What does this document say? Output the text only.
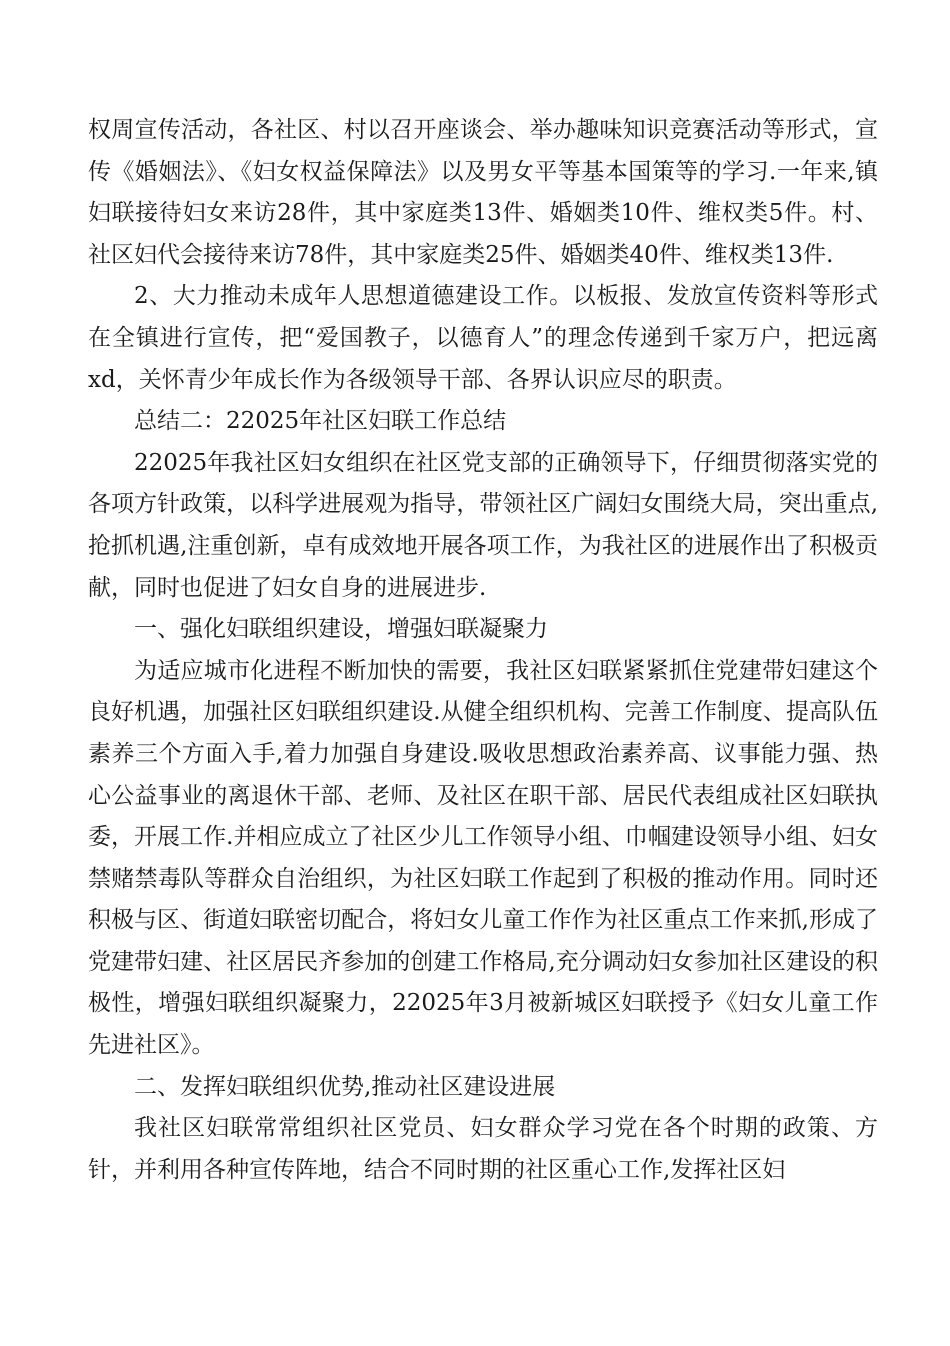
权周宣传活动，各社区、村以召开座谈会、举办趣味知识竞赛活动等形式，宣传《婚姻法》、《妇女权益保障法》以及男女平等基本国策等的学习.一年来,镇妇联接待妇女来访28件，其中家庭类13件、婚姻类10件、维权类5件。村、社区妇代会接待来访78件，其中家庭类25件、婚姻类40件、维权类13件.

2、大力推动未成年人思想道德建设工作。以板报、发放宣传资料等形式在全镇进行宣传，把“爱国教子，以德育人”的理念传递到千家万户，把远离xd，关怀青少年成长作为各级领导干部、各界认识应尽的职责。

总结二：22025年社区妇联工作总结

22025年我社区妇女组织在社区党支部的正确领导下，仔细贯彻落实党的各项方针政策，以科学进展观为指导，带领社区广阔妇女围绕大局，突出重点,抢抓机遇,注重创新，卓有成效地开展各项工作，为我社区的进展作出了积极贡献，同时也促进了妇女自身的进展进步.

一、强化妇联组织建设，增强妇联凝聚力

为适应城市化进程不断加快的需要，我社区妇联紧紧抓住党建带妇建这个良好机遇，加强社区妇联组织建设.从健全组织机构、完善工作制度、提高队伍素养三个方面入手,着力加强自身建设.吸收思想政治素养高、议事能力强、热心公益事业的离退休干部、老师、及社区在职干部、居民代表组成社区妇联执委，开展工作.并相应成立了社区少儿工作领导小组、巾帼建设领导小组、妇女禁赌禁毒队等群众自治组织，为社区妇联工作起到了积极的推动作用。同时还积极与区、街道妇联密切配合，将妇女儿童工作作为社区重点工作来抓,形成了党建带妇建、社区居民齐参加的创建工作格局,充分调动妇女参加社区建设的积极性，增强妇联组织凝聚力，22025年3月被新城区妇联授予《妇女儿童工作先进社区》。

二、发挥妇联组织优势,推动社区建设进展

我社区妇联常常组织社区党员、妇女群众学习党在各个时期的政策、方针，并利用各种宣传阵地，结合不同时期的社区重心工作,发挥社区妇
